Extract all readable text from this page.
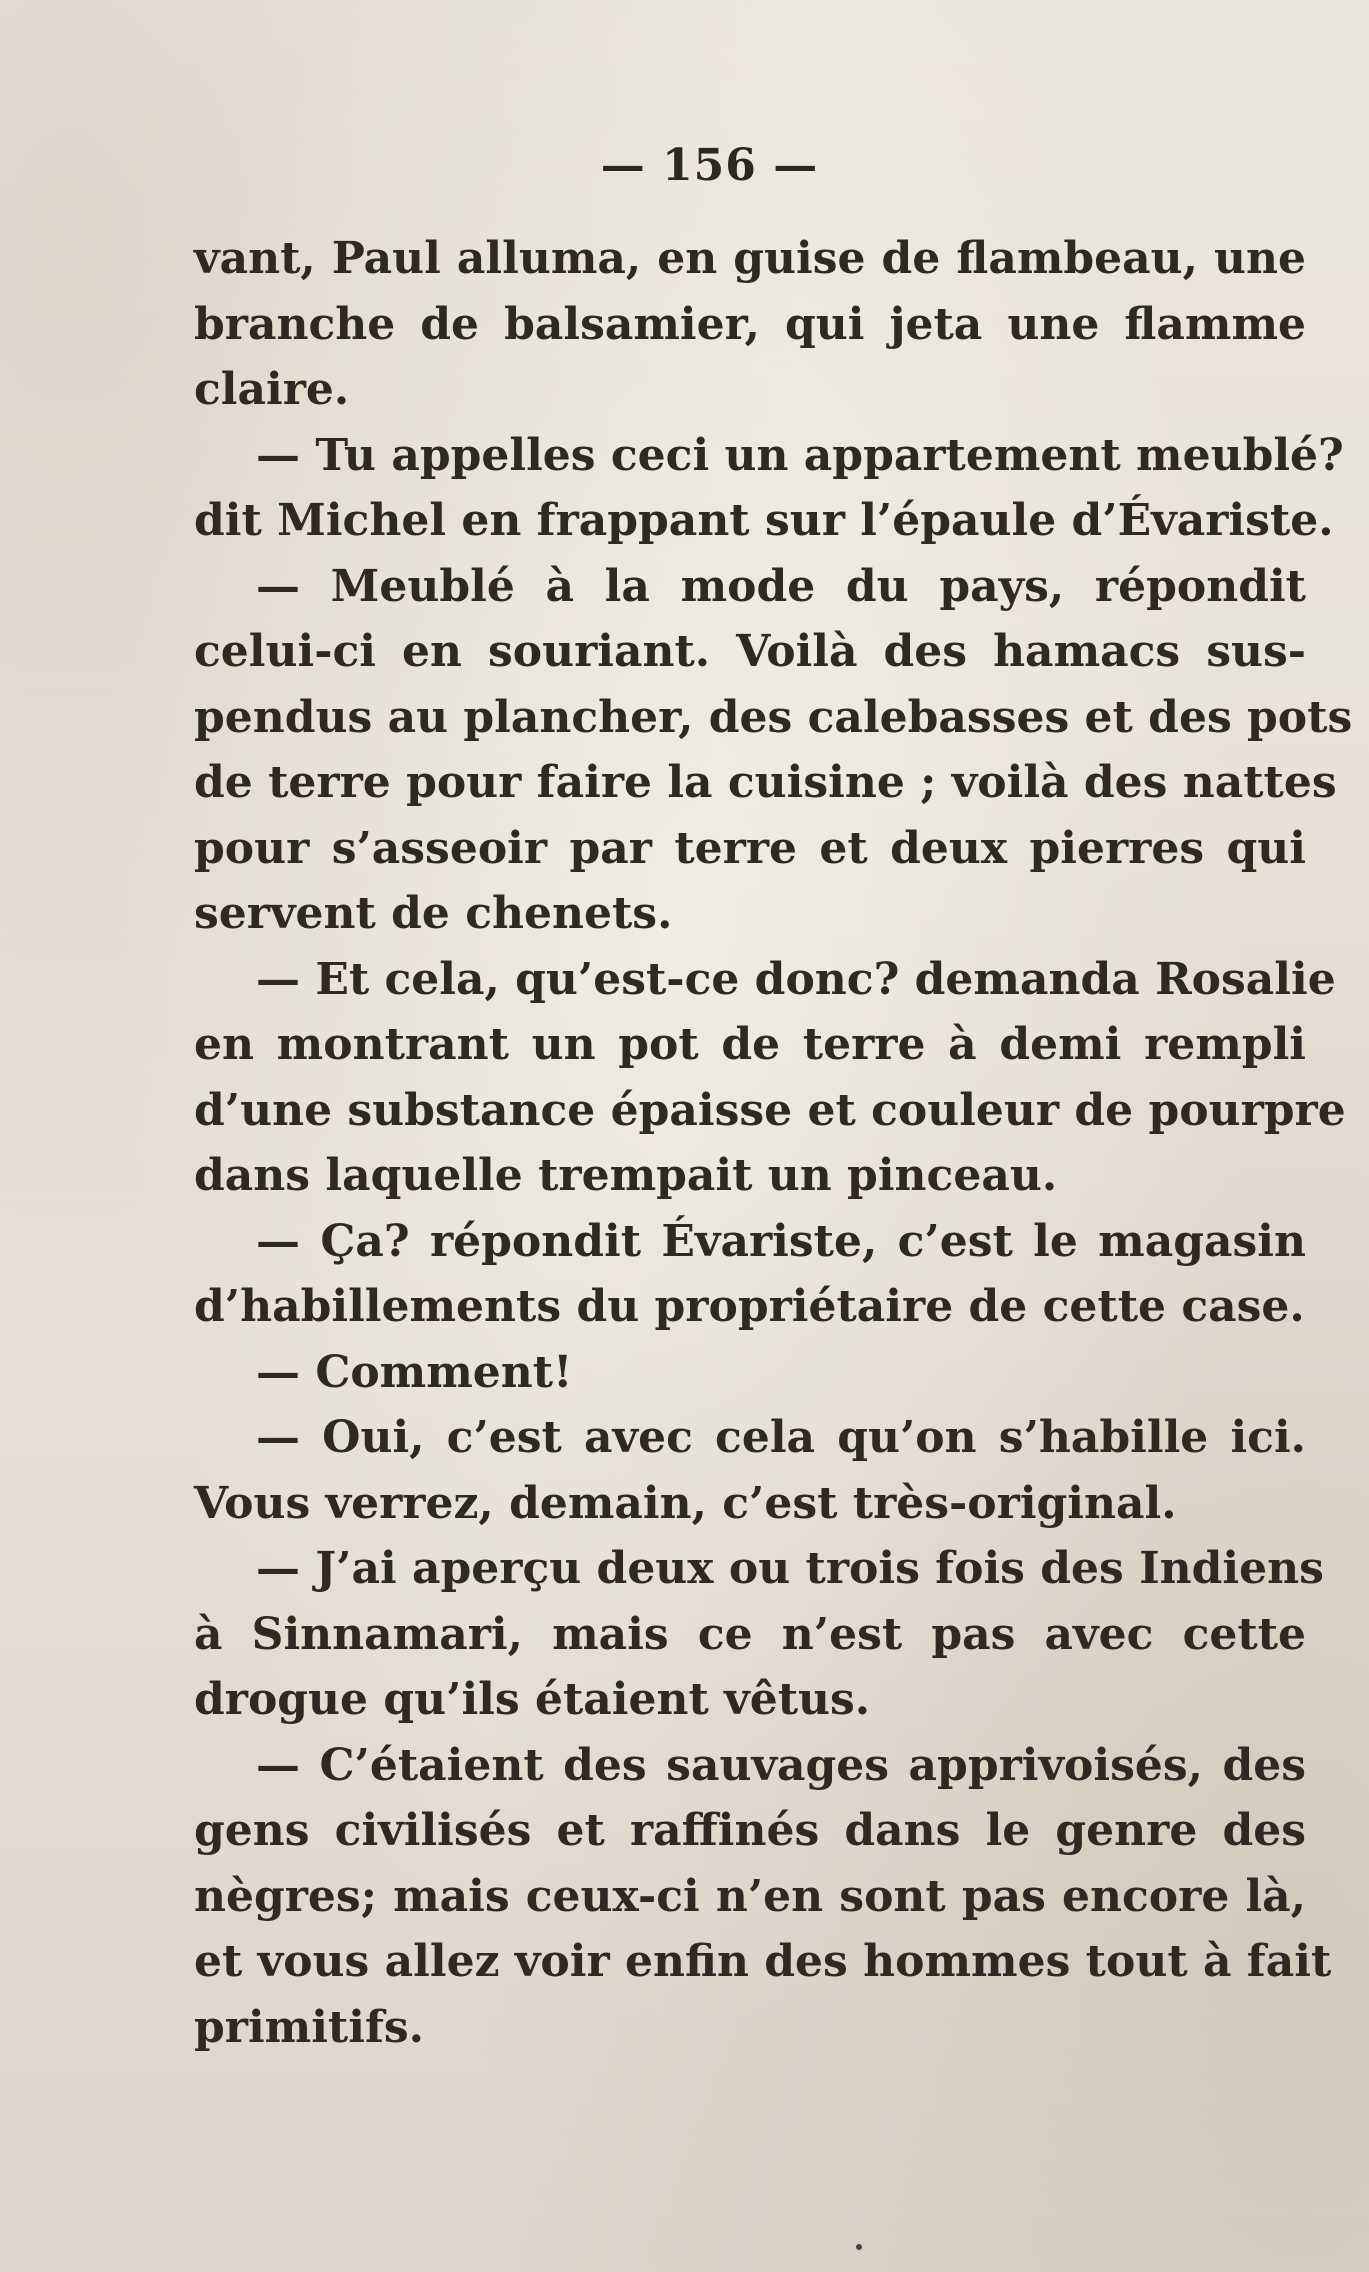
— 156 —
vant, Paul alluma, en guise de flambeau, une
branche de balsamier, qui jeta une flamme
claire.
— Tu appelles ceci un appartement meublé?
dit Michel en frappant sur l’épaule d’Évariste.
— Meublé à la mode du pays, répondit
celui-ci en souriant. Voilà des hamacs sus-
pendus au plancher, des calebasses et des pots
de terre pour faire la cuisine ; voilà des nattes
pour s’asseoir par terre et deux pierres qui
servent de chenets.
— Et cela, qu’est-ce donc? demanda Rosalie
en montrant un pot de terre à demi rempli
d’une substance épaisse et couleur de pourpre
dans laquelle trempait un pinceau.
— Ça? répondit Évariste, c’est le magasin
d’habillements du propriétaire de cette case.
— Comment!
— Oui, c’est avec cela qu’on s’habille ici.
Vous verrez, demain, c’est très-original.
— J’ai aperçu deux ou trois fois des Indiens
à Sinnamari, mais ce n’est pas avec cette
drogue qu’ils étaient vêtus.
— C’étaient des sauvages apprivoisés, des
gens civilisés et raffinés dans le genre des
nègres; mais ceux-ci n’en sont pas encore là,
et vous allez voir enfin des hommes tout à fait
primitifs.
